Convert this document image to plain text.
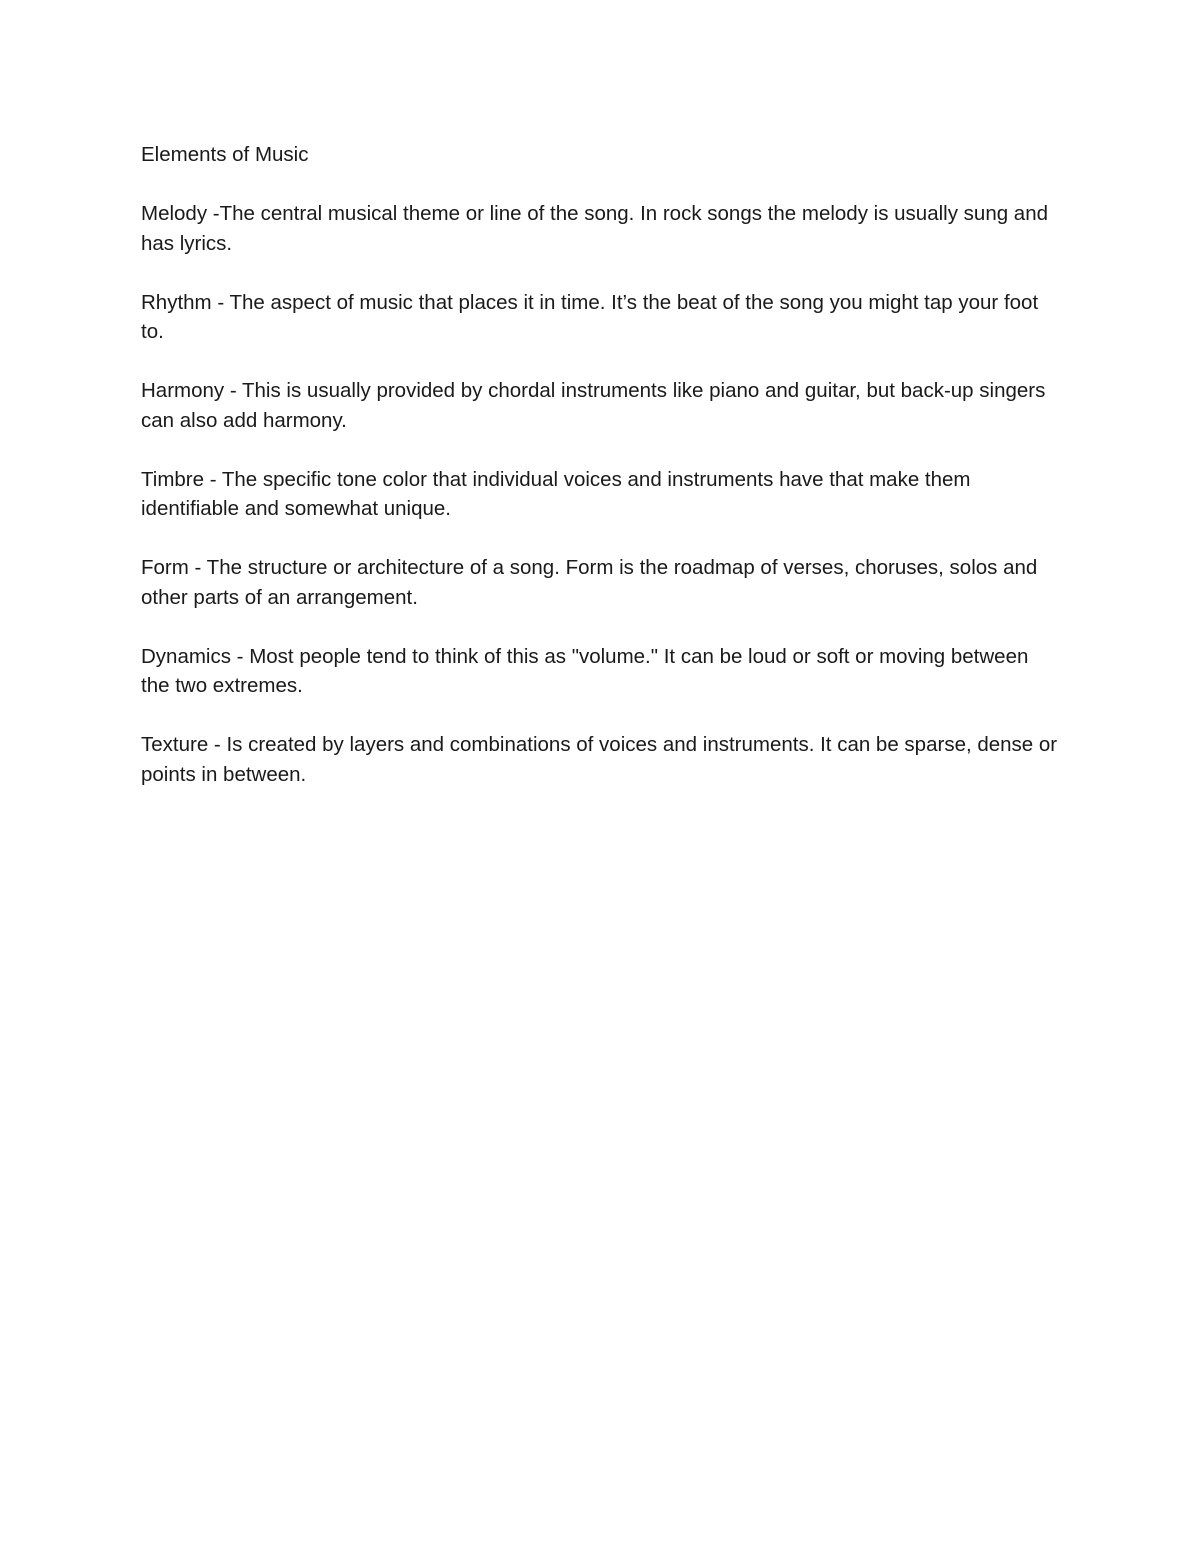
Elements of Music

Melody -The central musical theme or line of the song. In rock songs the melody is usually sung and has lyrics.

Rhythm - The aspect of music that places it in time. It’s the beat of the song you might tap your foot to.

Harmony - This is usually provided by chordal instruments like piano and guitar, but back-up singers can also add harmony.

Timbre - The specific tone color that individual voices and instruments have that make them identifiable and somewhat unique.

Form - The structure or architecture of a song. Form is the roadmap of verses, choruses, solos and other parts of an arrangement.

Dynamics - Most people tend to think of this as "volume." It can be loud or soft or moving between the two extremes.

Texture - Is created by layers and combinations of voices and instruments. It can be sparse, dense or points in between.
